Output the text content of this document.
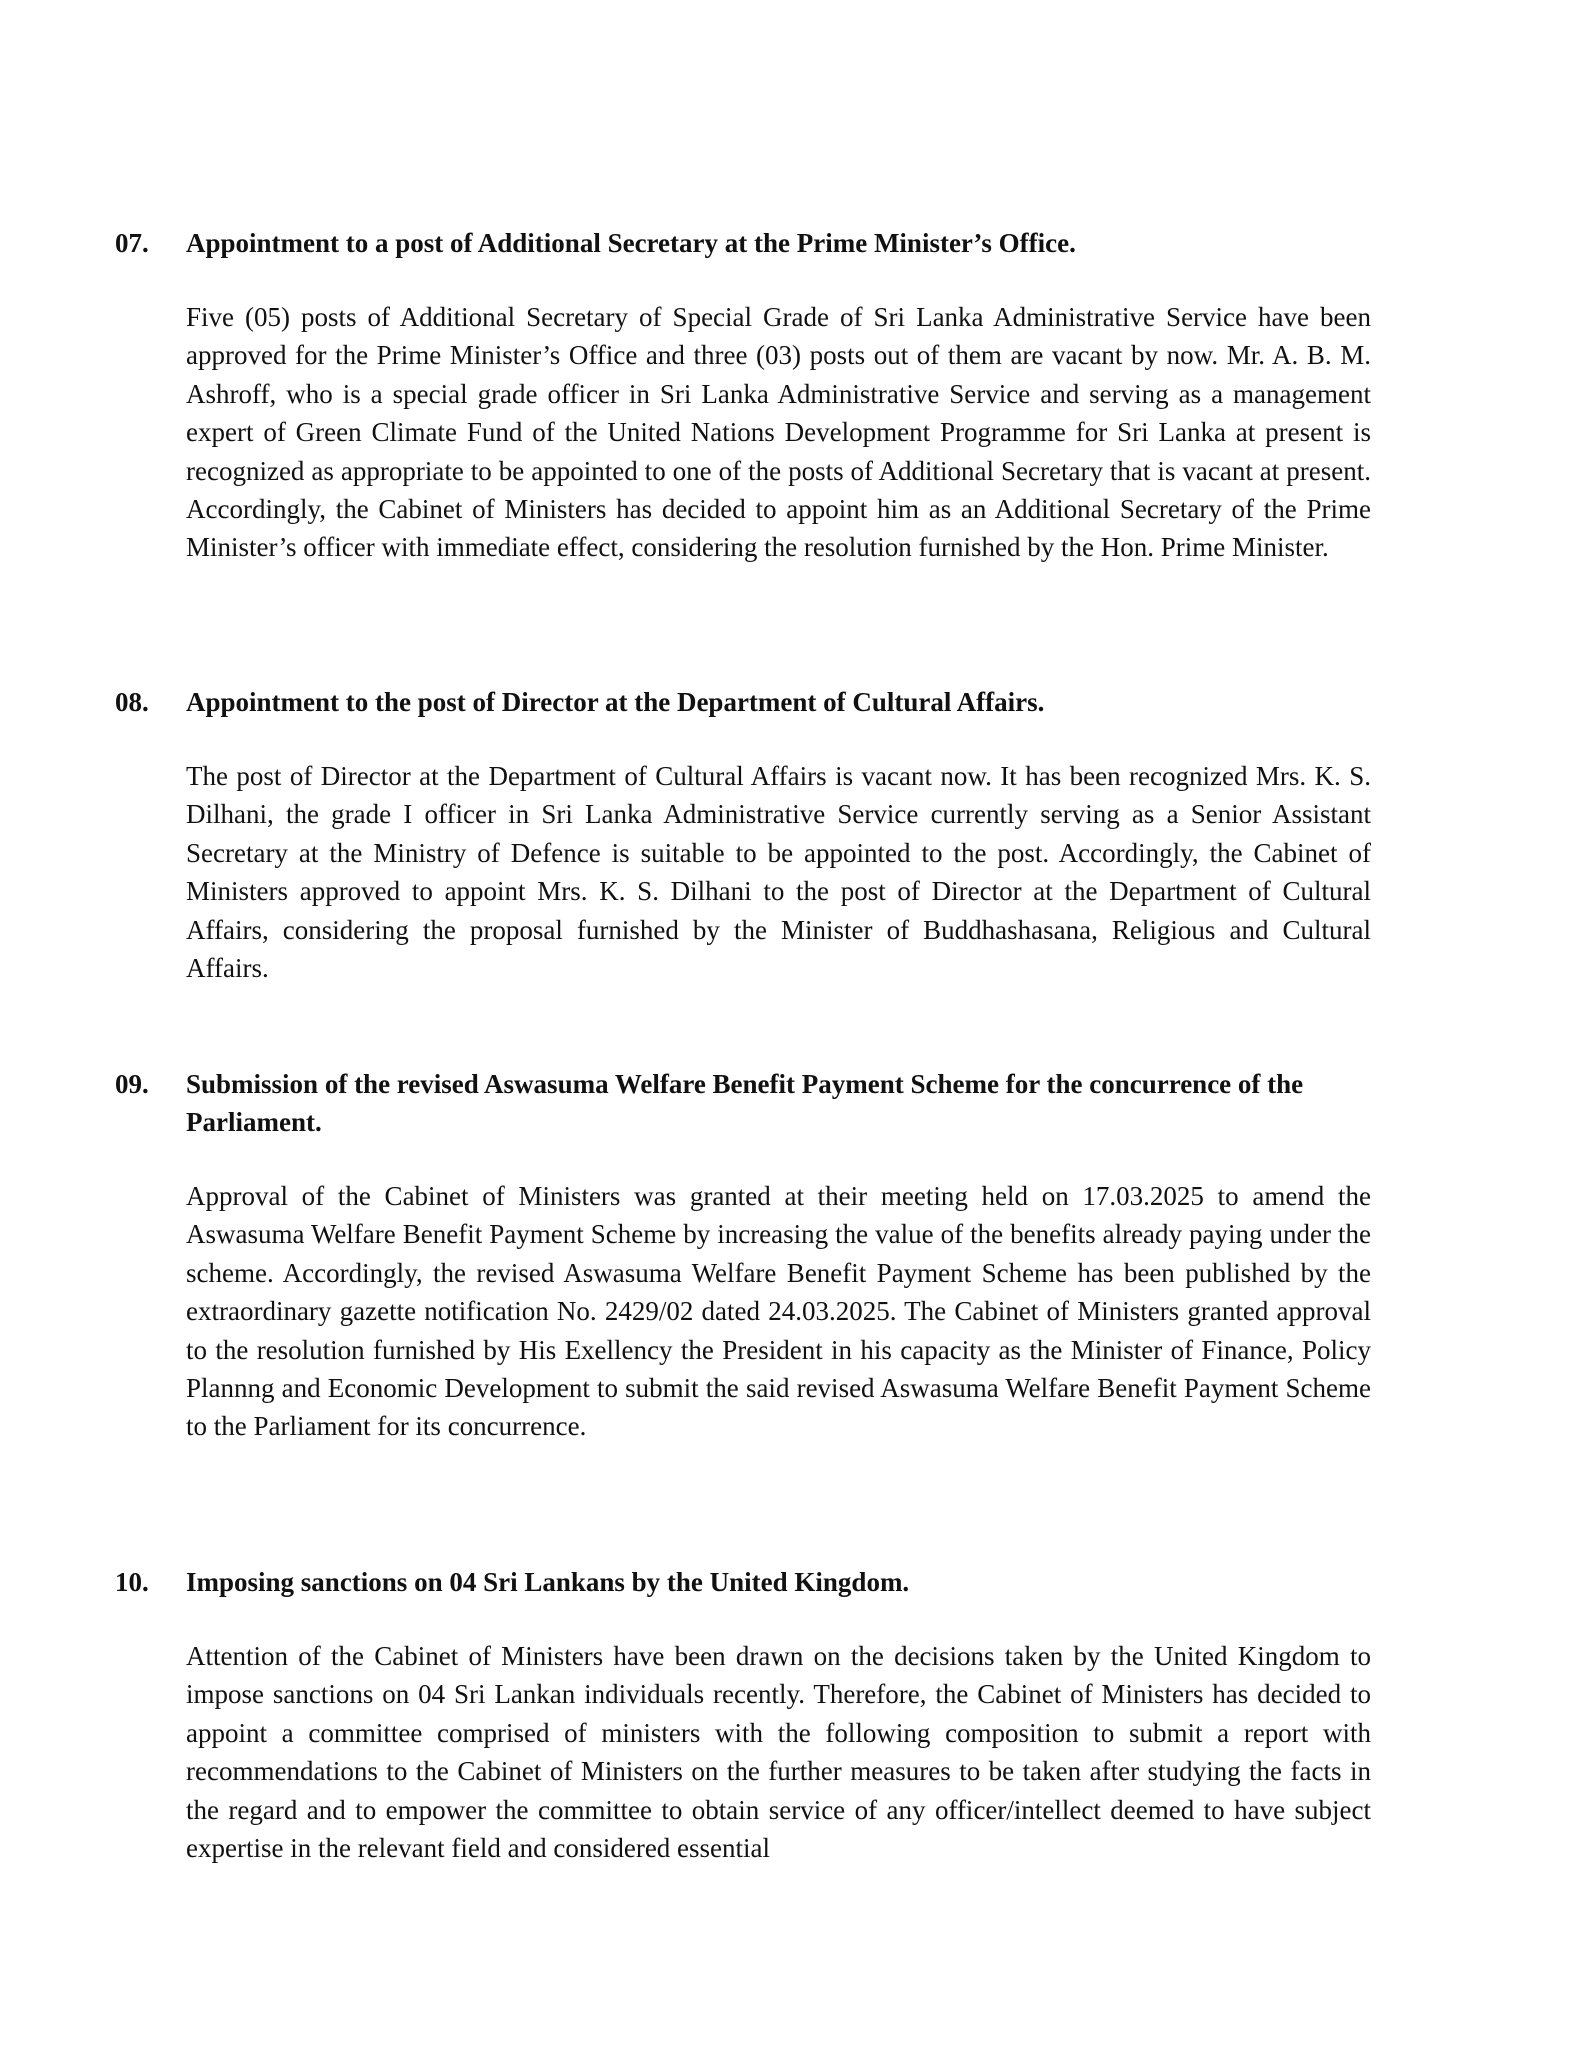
07.	Appointment to a post of Additional Secretary at the Prime Minister’s Office.
Five (05) posts of Additional Secretary of Special Grade of Sri Lanka Administrative Service have been approved for the Prime Minister’s Office and three (03) posts out of them are vacant by now. Mr. A. B. M. Ashroff, who is a special grade officer in Sri Lanka Administrative Service and serving as a management expert of Green Climate Fund of the United Nations Development Programme for Sri Lanka at present is recognized as appropriate to be appointed to one of the posts of Additional Secretary that is vacant at present. Accordingly, the Cabinet of Ministers has decided to appoint him as an Additional Secretary of the Prime Minister’s officer with immediate effect, considering the resolution furnished by the Hon. Prime Minister.
08.	Appointment to the post of Director at the Department of Cultural Affairs.
The post of Director at the Department of Cultural Affairs is vacant now. It has been recognized Mrs. K. S. Dilhani, the grade I officer in Sri Lanka Administrative Service currently serving as a Senior Assistant Secretary at the Ministry of Defence is suitable to be appointed to the post. Accordingly, the Cabinet of Ministers approved to appoint Mrs. K. S. Dilhani to the post of Director at the Department of Cultural Affairs, considering the proposal furnished by the Minister of Buddhashasana, Religious and Cultural Affairs.
09.	Submission of the revised Aswasuma Welfare Benefit Payment Scheme for the concurrence of the Parliament.
Approval of the Cabinet of Ministers was granted at their meeting held on 17.03.2025 to amend the Aswasuma Welfare Benefit Payment Scheme by increasing the value of the benefits already paying under the scheme. Accordingly, the revised Aswasuma Welfare Benefit Payment Scheme has been published by the extraordinary gazette notification No. 2429/02 dated 24.03.2025. The Cabinet of Ministers granted approval to the resolution furnished by His Exellency the President in his capacity as the Minister of Finance, Policy Plannng and Economic Development to submit the said revised Aswasuma Welfare Benefit Payment Scheme to the Parliament for its concurrence.
10.	Imposing sanctions on 04 Sri Lankans by the United Kingdom.
Attention of the Cabinet of Ministers have been drawn on the decisions taken by the United Kingdom to impose sanctions on 04 Sri Lankan individuals recently. Therefore, the Cabinet of Ministers has decided to appoint a committee comprised of ministers with the following composition to submit a report with recommendations to the Cabinet of Ministers on the further measures to be taken after studying the facts in the regard and to empower the committee to obtain service of any officer/intellect deemed to have subject expertise in the relevant field and considered essential
